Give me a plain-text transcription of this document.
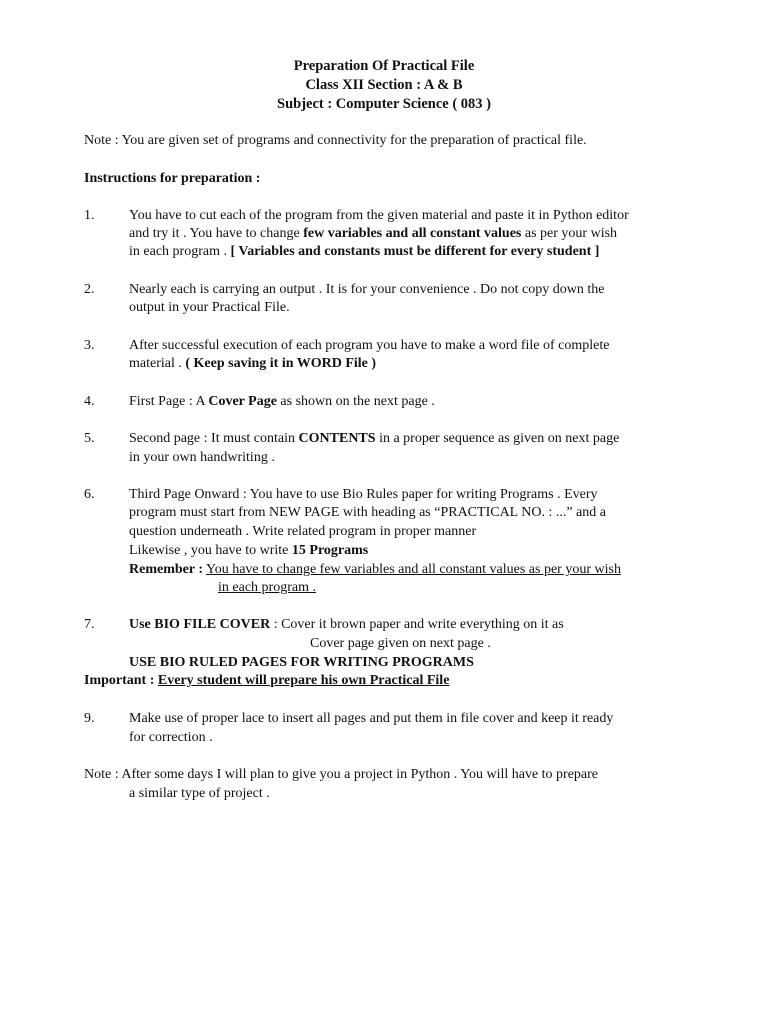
Preparation Of Practical File
Class XII Section : A & B
Subject : Computer Science ( 083 )
Note : You are given set of programs and connectivity for the preparation of practical file.
Instructions for preparation :
1. You have to cut each of the program from the given material and paste it in Python editor
and try it . You have to change few variables and all constant values as per your wish
in each program . [ Variables and constants must be different for every student ]
2. Nearly each is carrying an output . It is for your convenience . Do not copy down the
output in your Practical File.
3. After successful execution of each program you have to make a word file of complete
material . ( Keep saving it in WORD File )
4. First Page : A Cover Page as shown on the next page .
5. Second page : It must contain CONTENTS in a proper sequence as given on next page
in your own handwriting .
6. Third Page Onward : You have to use Bio Rules paper for writing Programs . Every
program must start from NEW PAGE with heading as “PRACTICAL NO. : ...” and a
question underneath . Write related program in proper manner
Likewise , you have to write 15 Programs
Remember : You have to change few variables and all constant values as per your wish
in each program .
7. Use BIO FILE COVER : Cover it brown paper and write everything on it as
Cover page given on next page .
USE BIO RULED PAGES FOR WRITING PROGRAMS
Important : Every student will prepare his own Practical File
9. Make use of proper lace to insert all pages and put them in file cover and keep it ready
for correction .
Note : After some days I will plan to give you a project in Python . You will have to prepare
a similar type of project .
